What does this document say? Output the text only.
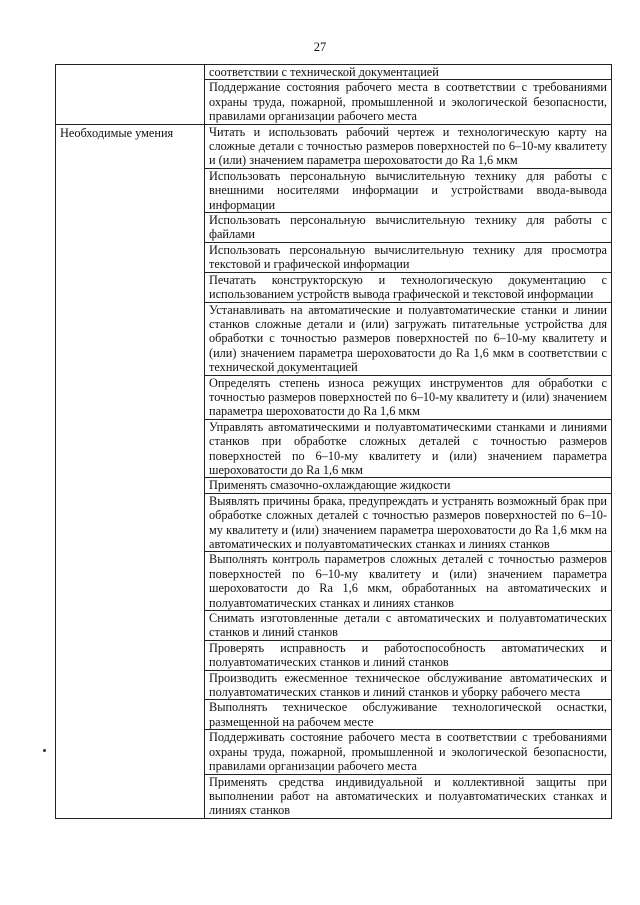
27
	соответствии с технической документацией
	Поддержание состояния рабочего места в соответствии с требованиями охраны труда, пожарной, промышленной и экологической безопасности, правилами организации рабочего места

Необходимые умения	Читать и использовать рабочий чертеж и технологическую карту на сложные детали с точностью размеров поверхностей по 6–10-му квалитету и (или) значением параметра шероховатости до Ra 1,6 мкм
	Использовать персональную вычислительную технику для работы с внешними носителями информации и устройствами ввода-вывода информации
	Использовать персональную вычислительную технику для работы с файлами
	Использовать персональную вычислительную технику для просмотра текстовой и графической информации
	Печатать конструкторскую и технологическую документацию с использованием устройств вывода графической и текстовой информации
	Устанавливать на автоматические и полуавтоматические станки и линии станков сложные детали и (или) загружать питательные устройства для обработки с точностью размеров поверхностей по 6–10-му квалитету и (или) значением параметра шероховатости до Ra 1,6 мкм в соответствии с технической документацией
	Определять степень износа режущих инструментов для обработки с точностью размеров поверхностей по 6–10-му квалитету и (или) значением параметра шероховатости до Ra 1,6 мкм
	Управлять автоматическими и полуавтоматическими станками и линиями станков при обработке сложных деталей с точностью размеров поверхностей по 6–10-му квалитету и (или) значением параметра шероховатости до Ra 1,6 мкм
	Применять смазочно-охлаждающие жидкости
	Выявлять причины брака, предупреждать и устранять возможный брак при обработке сложных деталей с точностью размеров поверхностей по 6–10-му квалитету и (или) значением параметра шероховатости до Ra 1,6 мкм на автоматических и полуавтоматических станках и линиях станков
	Выполнять контроль параметров сложных деталей с точностью размеров поверхностей по 6–10-му квалитету и (или) значением параметра шероховатости до Ra 1,6 мкм, обработанных на автоматических и полуавтоматических станках и линиях станков
	Снимать изготовленные детали с автоматических и полуавтоматических станков и линий станков
	Проверять исправность и работоспособность автоматических и полуавтоматических станков и линий станков
	Производить ежесменное техническое обслуживание автоматических и полуавтоматических станков и линий станков и уборку рабочего места
	Выполнять техническое обслуживание технологической оснастки, размещенной на рабочем месте
	Поддерживать состояние рабочего места в соответствии с требованиями охраны труда, пожарной, промышленной и экологической безопасности, правилами организации рабочего места
	Применять средства индивидуальной и коллективной защиты при выполнении работ на автоматических и полуавтоматических станках и линиях станков
